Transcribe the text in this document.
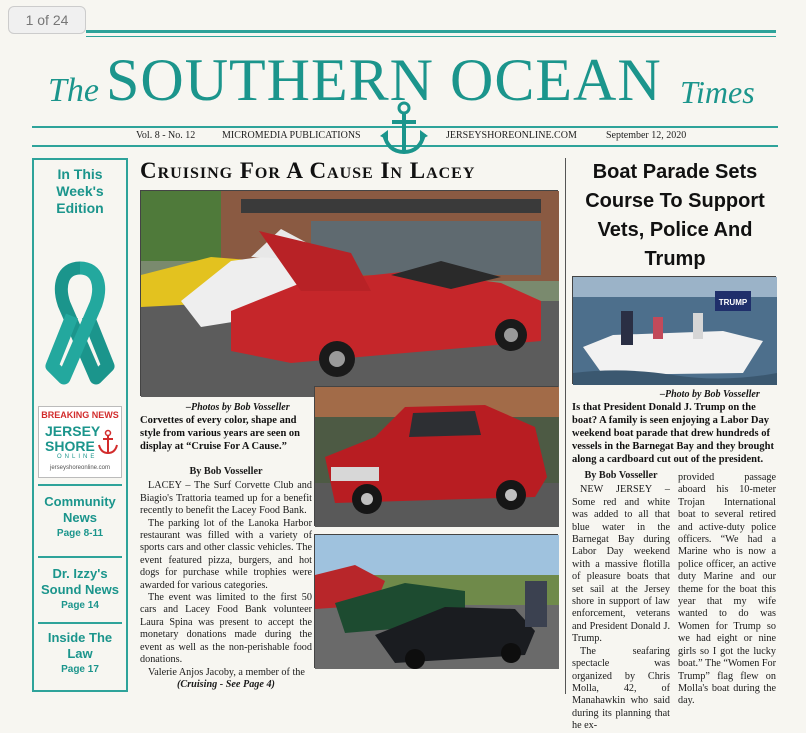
1 of 24
The SOUTHERN OCEAN Times
Vol. 8 - No. 12	MICROMEDIA PUBLICATIONS	JERSEYSHOREONLINE.COM	September 12, 2020
In This Week's Edition
BREAKING NEWS
JERSEY
SHORE
ONLINE
jerseyshoreonline.com
Community News
Page 8-11
Dr. Izzy's Sound News
Page 14
Inside The Law
Page 17
Cruising For A Cause In Lacey
–Photos by Bob Vosseller
Corvettes of every color, shape and style from various years are seen on display at “Cruise For A Cause.”

By Bob Vosseller

LACEY – The Surf Corvette Club and Biagio's Trattoria teamed up for a benefit recently to benefit the Lacey Food Bank.

The parking lot of the Lanoka Harbor restaurant was filled with a variety of sports cars and other classic vehicles. The event featured pizza, burgers, and hot dogs for purchase while trophies were awarded for various categories.

The event was limited to the first 50 cars and Lacey Food Bank volunteer Laura Spina was present to accept the monetary donations made during the event as well as the non-perishable food donations.

Valerie Anjos Jacoby, a member of the

(Cruising - See Page 4)

Boat Parade Sets Course To Support Vets, Police And Trump
TRUMP
–Photo by Bob Vosseller
Is that President Donald J. Trump on the boat? A family is seen enjoying a Labor Day weekend boat parade that drew hundreds of vessels in the Barnegat Bay and they brought along a cardboard cut out of the president.

By Bob Vosseller

NEW JERSEY – Some red and white was added to all that blue water in the Barnegat Bay during Labor Day weekend with a massive flotilla of pleasure boats that set sail at the Jersey shore in support of law enforcement, veterans and President Donald J. Trump.

The seafaring spectacle was organized by Chris Molla, 42, of Manahawkin who said during its planning that he ex-

provided passage aboard his 10-meter Trojan International boat to several retired and active-duty police officers. “We had a Marine who is now a police officer, an active duty Marine and our theme for the boat this year that my wife wanted to do was Women for Trump so we had eight or nine girls so I got the lucky boat.” The “Women For Trump” flag flew on Molla's boat during the day.
